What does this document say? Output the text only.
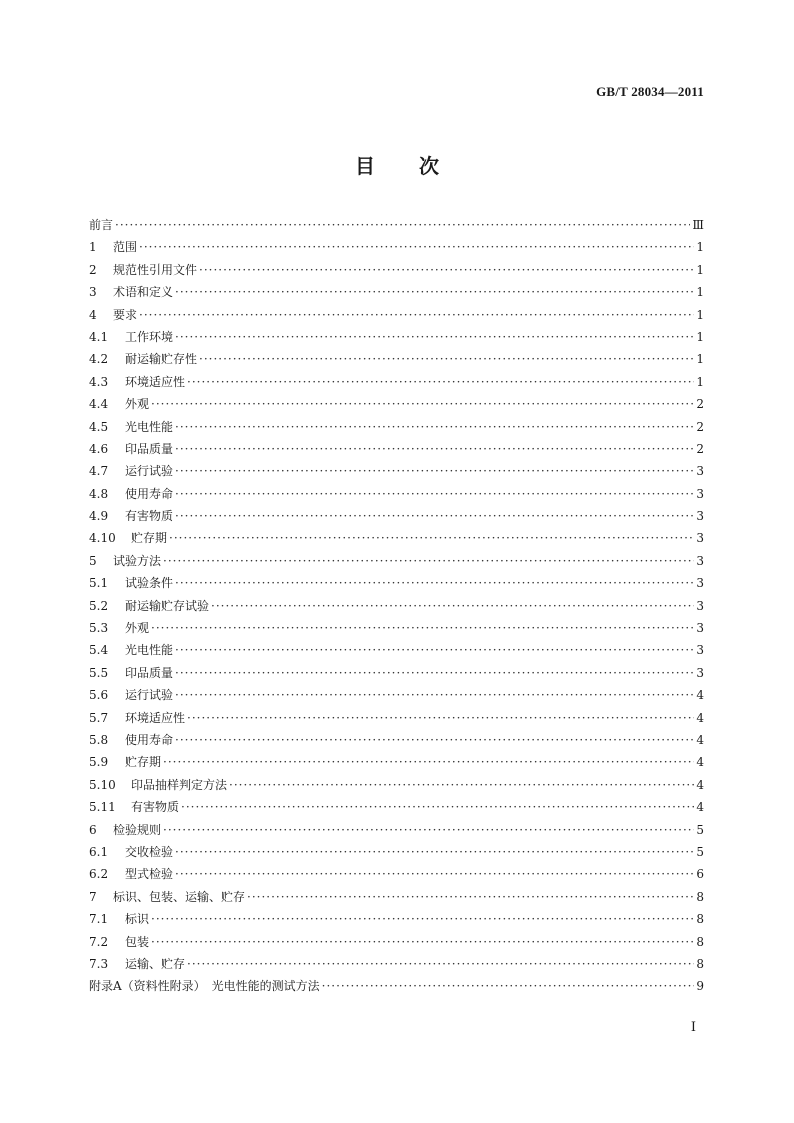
GB/T 28034—2011
目 次
前言 ·····	Ⅲ
1	范围 ·····	1
2	规范性引用文件 ·····	1
3	术语和定义 ·····	1
4	要求 ·····	1
4.1	工作环境 ·····	1
4.2	耐运输贮存性 ·····	1
4.3	环境适应性 ·····	1
4.4	外观 ·····	2
4.5	光电性能 ·····	2
4.6	印品质量 ·····	2
4.7	运行试验 ·····	3
4.8	使用寿命 ·····	3
4.9	有害物质 ·····	3
4.10	贮存期 ·····	3
5	试验方法 ·····	3
5.1	试验条件 ·····	3
5.2	耐运输贮存试验 ·····	3
5.3	外观 ·····	3
5.4	光电性能 ·····	3
5.5	印品质量 ·····	3
5.6	运行试验 ·····	4
5.7	环境适应性 ·····	4
5.8	使用寿命 ·····	4
5.9	贮存期 ·····	4
5.10	印品抽样判定方法 ·····	4
5.11	有害物质 ·····	4
6	检验规则 ·····	5
6.1	交收检验 ·····	5
6.2	型式检验 ·····	6
7	标识、包装、运输、贮存 ·····	8
7.1	标识 ·····	8
7.2	包装 ·····	8
7.3	运输、贮存 ·····	8
附录A（资料性附录）　光电性能的测试方法 ·····	9
Ⅰ
